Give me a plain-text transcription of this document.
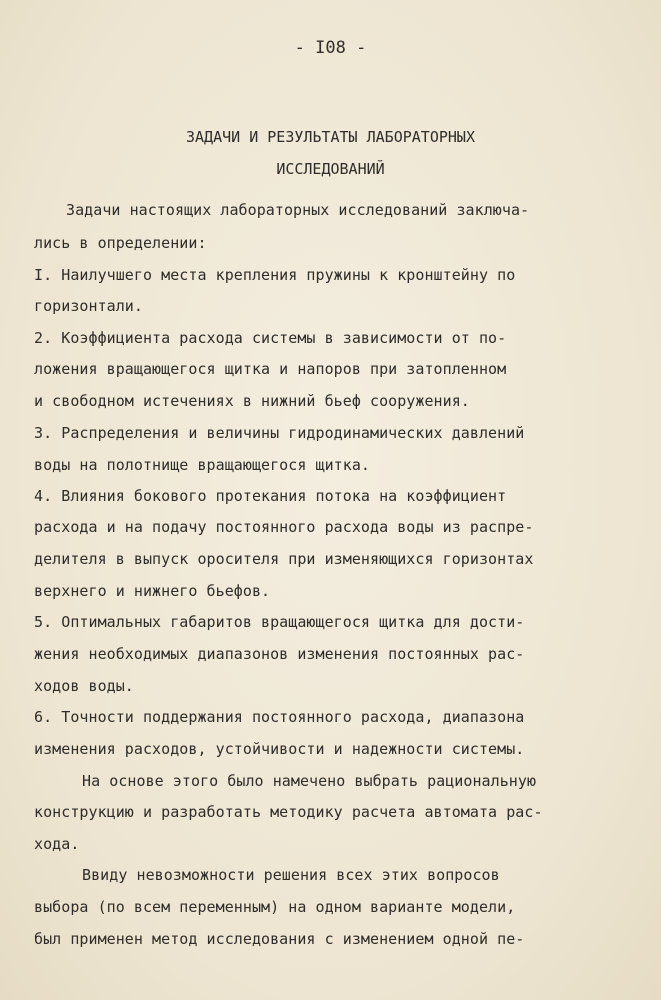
- I08 -
ЗАДАЧИ И РЕЗУЛЬТАТЫ ЛАБОРАТОРНЫХ
ИССЛЕДОВАНИЙ
Задачи настоящих лабораторных исследований заключа-
лись в определении:
I. Наилучшего места крепления пружины к кронштейну по
горизонтали.
2. Коэффициента расхода системы в зависимости от по-
ложения вращающегося щитка и напоров при затопленном
и свободном истечениях в нижний бьеф сооружения.
3. Распределения и величины гидродинамических давлений
воды на полотнище вращающегося щитка.
4. Влияния бокового протекания потока на коэффициент
расхода и на подачу постоянного расхода воды из распре-
делителя в выпуск оросителя при изменяющихся горизонтах
верхнего и нижнего бьефов.
5. Оптимальных габаритов вращающегося щитка для дости-
жения необходимых диапазонов изменения постоянных рас-
ходов воды.
6. Точности поддержания постоянного расхода, диапазона
изменения расходов, устойчивости и надежности системы.
На основе этого было намечено выбрать рациональную
конструкцию и разработать методику расчета автомата рас-
хода.
Ввиду невозможности решения всех этих вопросов
выбора (по всем переменным) на одном варианте модели,
был применен метод исследования с изменением одной пе-
